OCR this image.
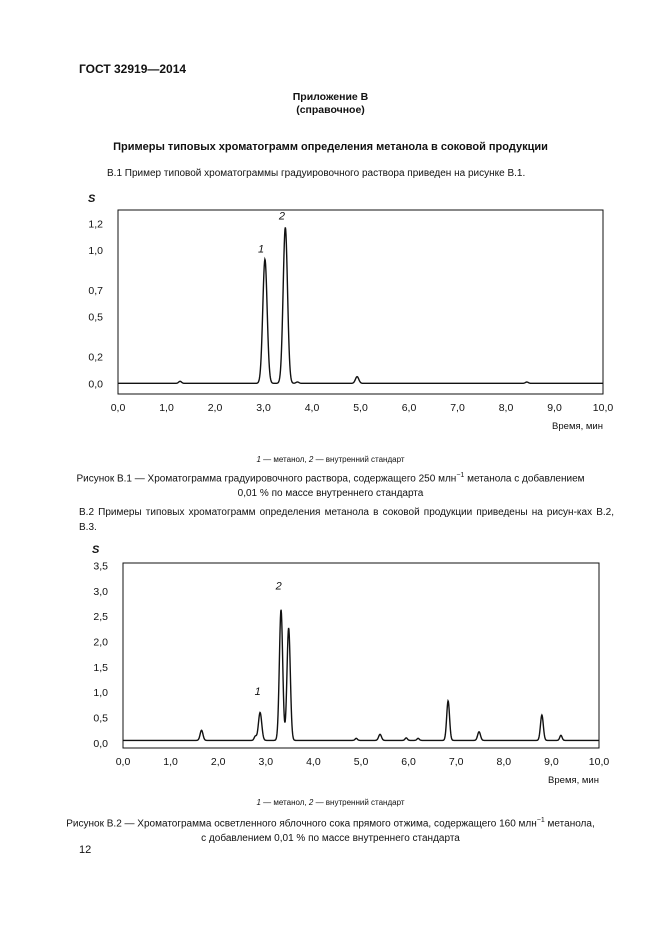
ГОСТ 32919—2014
Приложение В
(справочное)
Примеры типовых хроматограмм определения метанола в соковой продукции
В.1 Пример типовой хроматограммы градуировочного раствора приведен на рисунке В.1.
S
0,0
0,2
0,5
0,7
1,0
1,2
0,0	1,0	2,0	3,0	4,0	5,0	6,0	7,0	8,0	9,0	10,0
Время, мин
1
2
1 — метанол, 2 — внутренний стандарт
Рисунок В.1 — Хроматограмма градуировочного раствора, содержащего 250 млн$^{-1}$ метанола с добавлением
0,01 % по массе внутреннего стандарта
В.2 Примеры типовых хроматограмм определения метанола в соковой продукции приведены на рисун-ках В.2, В.3.
S
0,0
0,5
1,0
1,5
2,0
2,5
3,0
3,5
0,0	1,0	2,0	3,0	4,0	5,0	6,0	7,0	8,0	9,0	10,0
Время, мин
1
2
1 — метанол, 2 — внутренний стандарт
Рисунок В.2 — Хроматограмма осветленного яблочного сока прямого отжима, содержащего 160 млн$^{-1}$ метанола,
с добавлением 0,01 % по массе внутреннего стандарта
12
